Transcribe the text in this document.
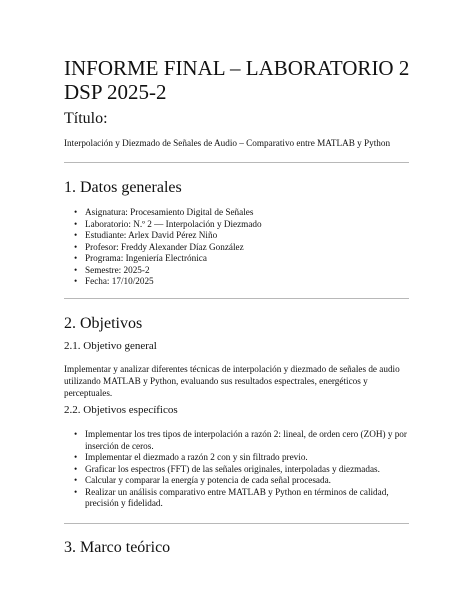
INFORME FINAL – LABORATORIO 2
DSP 2025-2
Título:
Interpolación y Diezmado de Señales de Audio – Comparativo entre MATLAB y Python
1. Datos generales
• Asignatura: Procesamiento Digital de Señales
• Laboratorio: N.º 2 — Interpolación y Diezmado
• Estudiante: Arlex David Pérez Niño
• Profesor: Freddy Alexander Díaz González
• Programa: Ingeniería Electrónica
• Semestre: 2025-2
• Fecha: 17/10/2025
2. Objetivos
2.1. Objetivo general

Implementar y analizar diferentes técnicas de interpolación y diezmado de señales de audio utilizando MATLAB y Python, evaluando sus resultados espectrales, energéticos y perceptuales.

2.2. Objetivos específicos
• Implementar los tres tipos de interpolación a razón 2: lineal, de orden cero (ZOH) y por inserción de ceros.
• Implementar el diezmado a razón 2 con y sin filtrado previo.
• Graficar los espectros (FFT) de las señales originales, interpoladas y diezmadas.
• Calcular y comparar la energía y potencia de cada señal procesada.
• Realizar un análisis comparativo entre MATLAB y Python en términos de calidad, precisión y fidelidad.
3. Marco teórico
